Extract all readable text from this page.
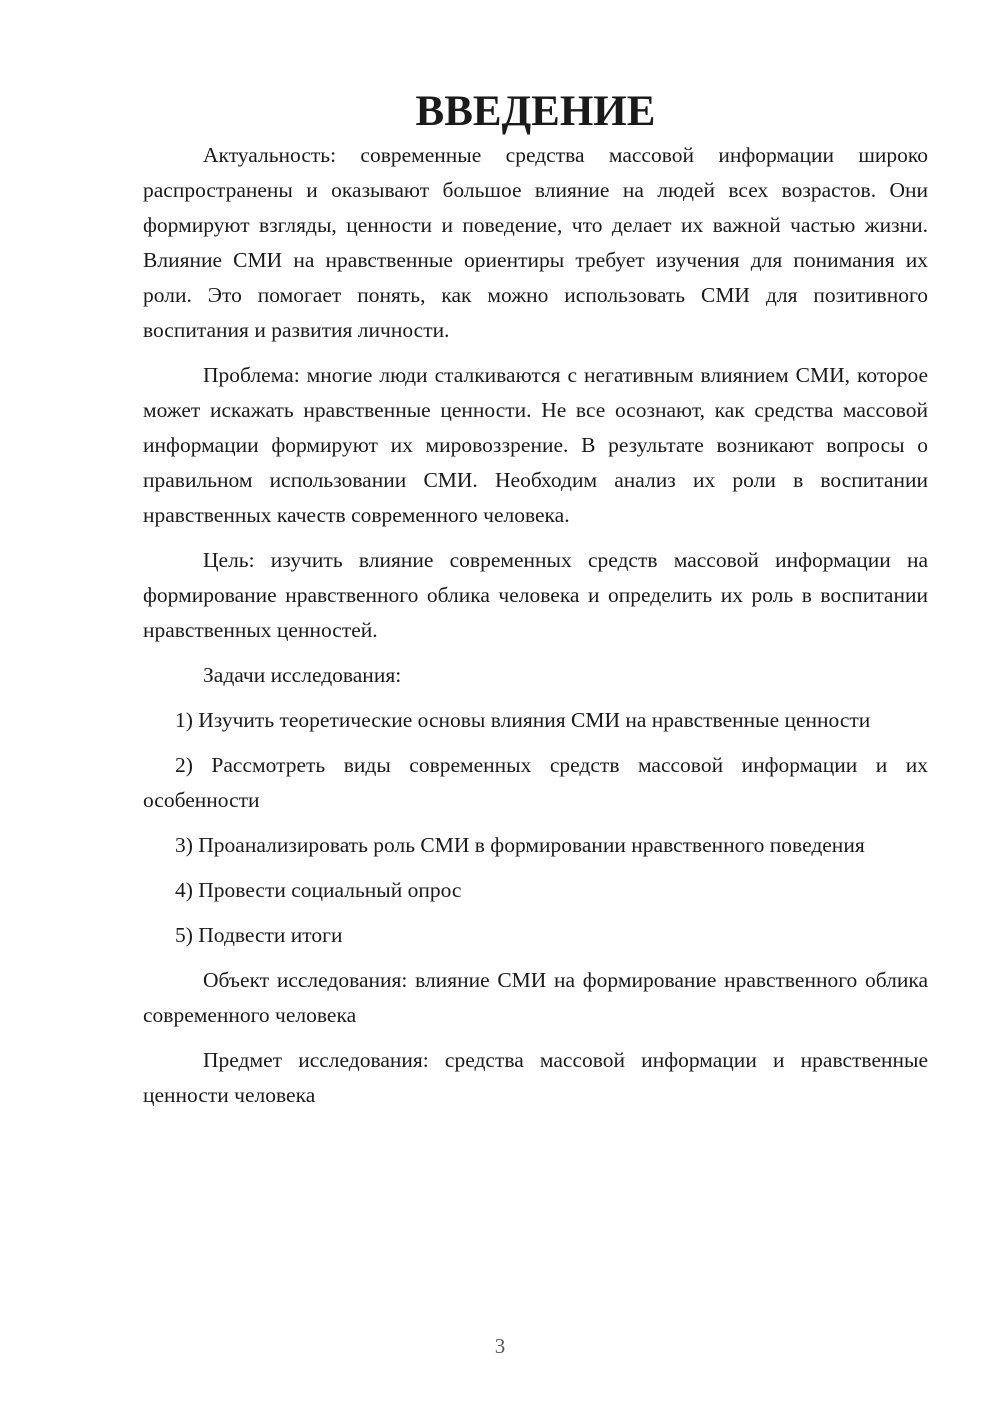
ВВЕДЕНИЕ

Актуальность: современные средства массовой информации широко распространены и оказывают большое влияние на людей всех возрастов. Они формируют взгляды, ценности и поведение, что делает их важной частью жизни. Влияние СМИ на нравственные ориентиры требует изучения для понимания их роли. Это помогает понять, как можно использовать СМИ для позитивного воспитания и развития личности.

Проблема: многие люди сталкиваются с негативным влиянием СМИ, которое может искажать нравственные ценности. Не все осознают, как средства массовой информации формируют их мировоззрение. В результате возникают вопросы о правильном использовании СМИ. Необходим анализ их роли в воспитании нравственных качеств современного человека.

Цель: изучить влияние современных средств массовой информации на формирование нравственного облика человека и определить их роль в воспитании нравственных ценностей.

Задачи исследования:

1) Изучить теоретические основы влияния СМИ на нравственные ценности

2) Рассмотреть виды современных средств массовой информации и их особенности

3) Проанализировать роль СМИ в формировании нравственного поведения

4) Провести социальный опрос

5) Подвести итоги

Объект исследования: влияние СМИ на формирование нравственного облика современного человека

Предмет исследования: средства массовой информации и нравственные ценности человека

3
